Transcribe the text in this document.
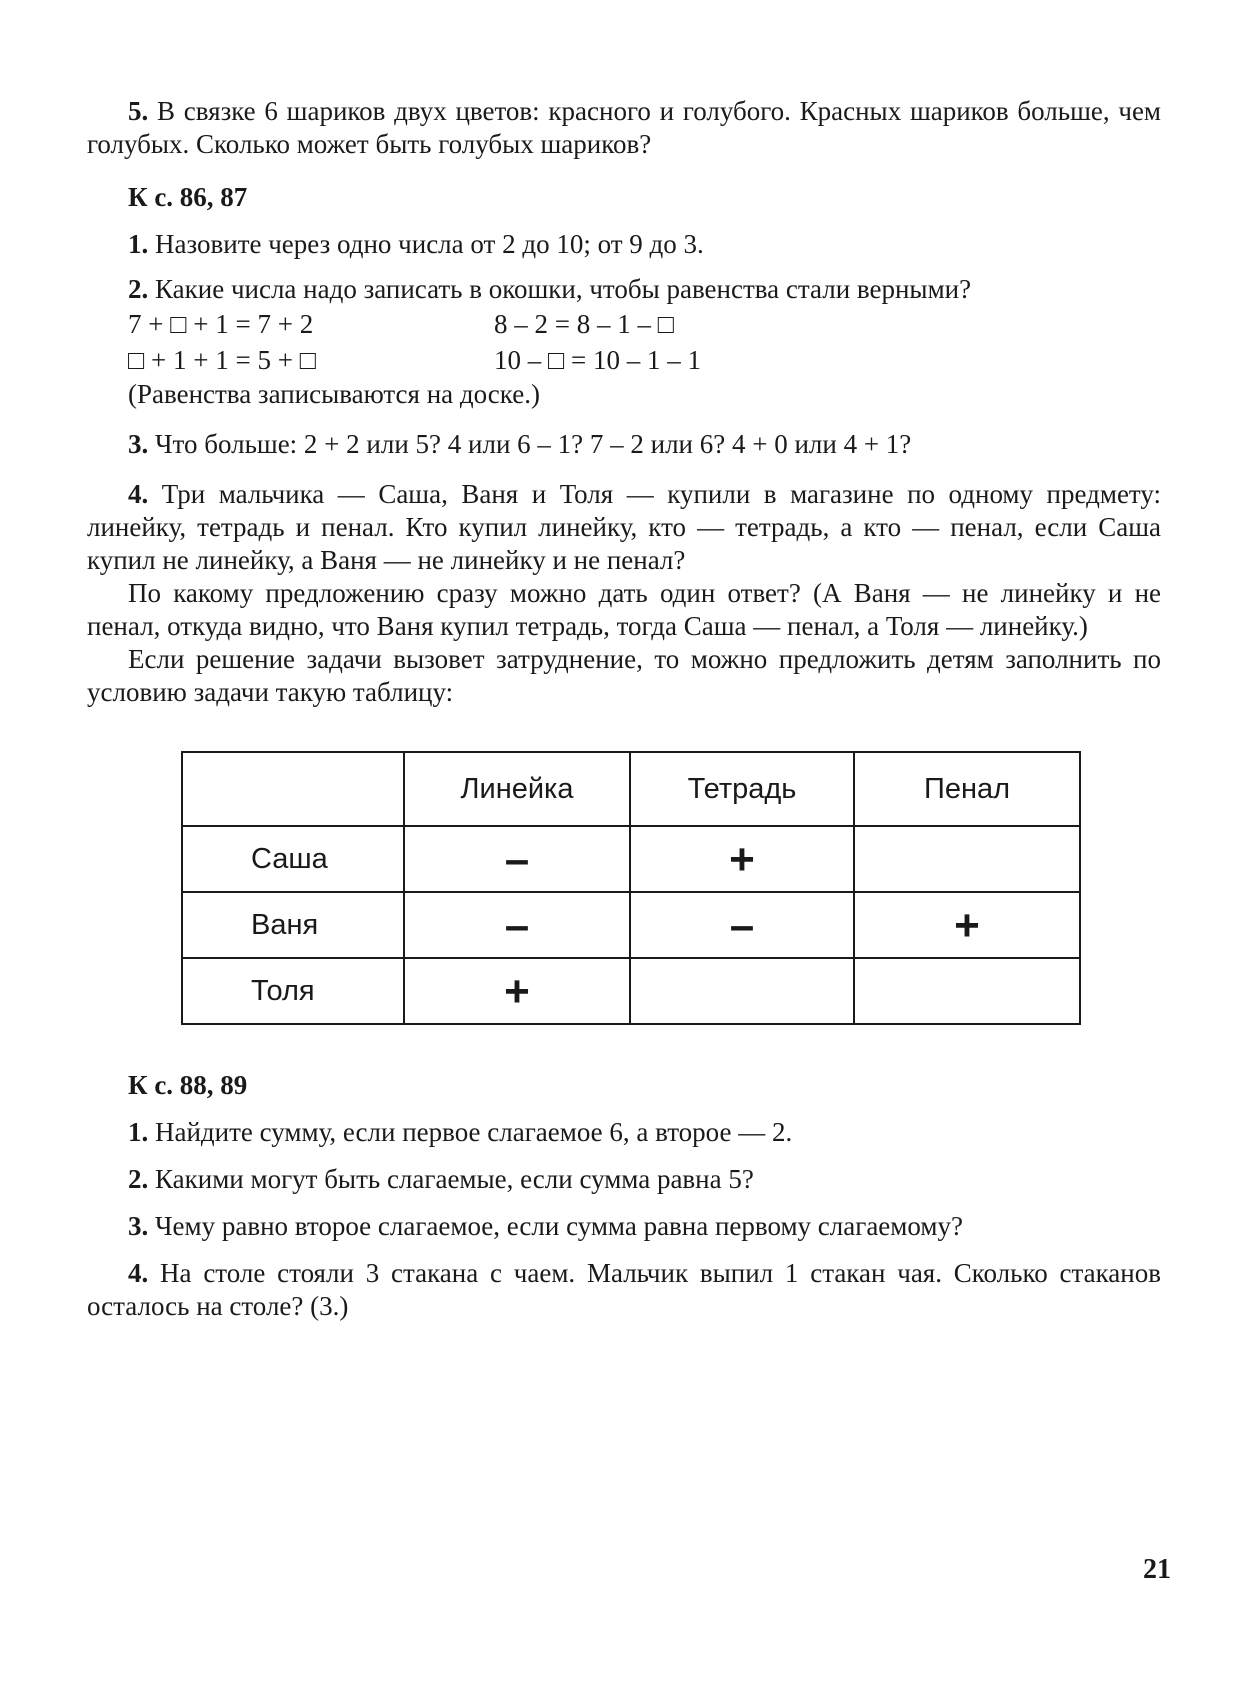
5. В связке 6 шариков двух цветов: красного и голубого. Красных шариков больше, чем голубых. Сколько может быть голубых шариков?

К с. 86, 87

1. Назовите через одно числа от 2 до 10; от 9 до 3.

2. Какие числа надо записать в окошки, чтобы равенства стали верными?

7 + □ + 1 = 7 + 2	8 – 2 = 8 – 1 – □
□ + 1 + 1 = 5 + □	10 – □ = 10 – 1 – 1

(Равенства записываются на доске.)

3. Что больше: 2 + 2 или 5? 4 или 6 – 1? 7 – 2 или 6? 4 + 0 или 4 + 1?

4. Три мальчика — Саша, Ваня и Толя — купили в магазине по одному предмету: линейку, тетрадь и пенал. Кто купил линейку, кто — тетрадь, а кто — пенал, если Саша купил не линейку, а Ваня — не линейку и не пенал?

По какому предложению сразу можно дать один ответ? (А Ваня — не линейку и не пенал, откуда видно, что Ваня купил тетрадь, тогда Саша — пенал, а Толя — линейку.)

Если решение задачи вызовет затруднение, то можно предложить детям заполнить по условию задачи такую таблицу:

	Линейка	Тетрадь	Пенал
Саша	–	+	
Ваня	–	–	+
Толя	+		

К с. 88, 89

1. Найдите сумму, если первое слагаемое 6, а второе — 2.

2. Какими могут быть слагаемые, если сумма равна 5?

3. Чему равно второе слагаемое, если сумма равна первому слагаемому?

4. На столе стояли 3 стакана с чаем. Мальчик выпил 1 стакан чая. Сколько стаканов осталось на столе? (3.)

21
